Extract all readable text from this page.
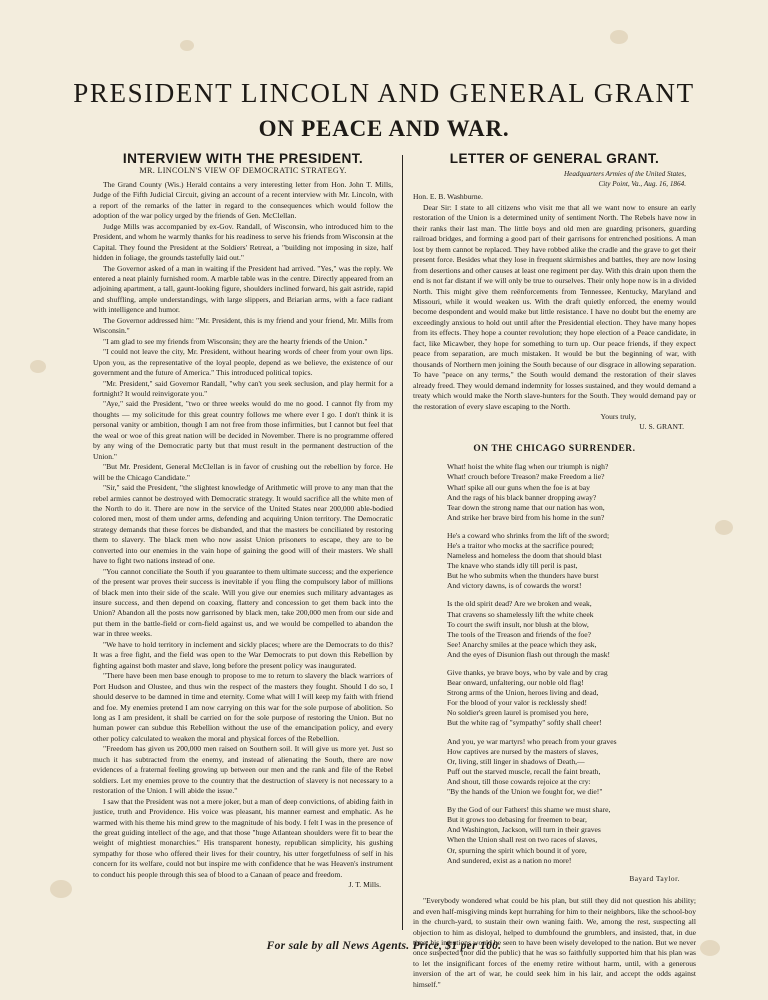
PRESIDENT LINCOLN AND GENERAL GRANT
ON PEACE AND WAR.
INTERVIEW WITH THE PRESIDENT.
MR. LINCOLN'S VIEW OF DEMOCRATIC STRATEGY.

The Grand County (Wis.) Herald contains a very interesting letter from Hon. John T. Mills, Judge of the Fifth Judicial Circuit, giving an account of a recent interview with Mr. Lincoln, with a report of the remarks of the latter in regard to the consequences which would follow the adoption of the war policy urged by the friends of Gen. McClellan.

Judge Mills was accompanied by ex-Gov. Randall, of Wisconsin, who introduced him to the President, and whom he warmly thanks for his readiness to serve his friends from Wisconsin at the Capital. They found the President at the Soldiers' Retreat, a "building not imposing in size, half hidden in foliage, the grounds tastefully laid out."

The Governor asked of a man in waiting if the President had arrived. "Yes," was the reply. We entered a neat plainly furnished room. A marble table was in the centre. Directly appeared from an adjoining apartment, a tall, gaunt-looking figure, shoulders inclined forward, his gait astride, rapid and shuffling, ample understandings, with large slippers, and Briarian arms, with a face radiant with intelligence and humor.

The Governor addressed him: "Mr. President, this is my friend and your friend, Mr. Mills from Wisconsin."

"I am glad to see my friends from Wisconsin; they are the hearty friends of the Union."

"I could not leave the city, Mr. President, without hearing words of cheer from your own lips. Upon you, as the representative of the loyal people, depend as we believe, the existence of our government and the future of America." This introduced political topics.

"Mr. President," said Governor Randall, "why can't you seek seclusion, and play hermit for a fortnight? It would reinvigorate you."

"Aye," said the President, "two or three weeks would do me no good. I cannot fly from my thoughts — my solicitude for this great country follows me where ever I go. I don't think it is personal vanity or ambition, though I am not free from those infirmities, but I cannot but feel that the weal or woe of this great nation will be decided in November. There is no programme offered by any wing of the Democratic party but that must result in the permanent destruction of the Union."

"But Mr. President, General McClellan is in favor of crushing out the rebellion by force. He will be the Chicago Candidate."

"Sir," said the President, "the slightest knowledge of Arithmetic will prove to any man that the rebel armies cannot be destroyed with Democratic strategy. It would sacrifice all the white men of the North to do it. There are now in the service of the United States near 200,000 able-bodied colored men, most of them under arms, defending and acquiring Union territory. The Democratic strategy demands that these forces be disbanded, and that the masters be conciliated by restoring them to slavery. The black men who now assist Union prisoners to escape, they are to be converted into our enemies in the vain hope of gaining the good will of their masters. We shall have to fight two nations instead of one.

"You cannot conciliate the South if you guarantee to them ultimate success; and the experience of the present war proves their success is inevitable if you fling the compulsory labor of millions of black men into their side of the scale. Will you give our enemies such military advantages as insure success, and then depend on coaxing, flattery and concession to get them back into the Union? Abandon all the posts now garrisoned by black men, take 200,000 men from our side and put them in the battle-field or corn-field against us, and we would be compelled to abandon the war in three weeks.

"We have to hold territory in inclement and sickly places; where are the Democrats to do this? It was a free fight, and the field was open to the War Democrats to put down this Rebellion by fighting against both master and slave, long before the present policy was inaugurated.

"There have been men base enough to propose to me to return to slavery the black warriors of Port Hudson and Olustee, and thus win the respect of the masters they fought. Should I do so, I should deserve to be damned in time and eternity. Come what will I will keep my faith with friend and foe. My enemies pretend I am now carrying on this war for the sole purpose of abolition. So long as I am president, it shall be carried on for the sole purpose of restoring the Union. But no human power can subdue this Rebellion without the use of the emancipation policy, and every other policy calculated to weaken the moral and physical forces of the Rebellion.

"Freedom has given us 200,000 men raised on Southern soil. It will give us more yet. Just so much it has subtracted from the enemy, and instead of alienating the South, there are now evidences of a fraternal feeling growing up between our men and the rank and file of the Rebel soldiers. Let my enemies prove to the country that the destruction of slavery is not necessary to a restoration of the Union. I will abide the issue."

I saw that the President was not a mere joker, but a man of deep convictions, of abiding faith in justice, truth and Providence. His voice was pleasant, his manner earnest and emphatic. As he warmed with his theme his mind grew to the magnitude of his body. I felt I was in the presence of the great guiding intellect of the age, and that those "huge Atlantean shoulders were fit to bear the weight of mightiest monarchies." His transparent honesty, republican simplicity, his gushing sympathy for those who offered their lives for their country, his utter forgetfulness of self in his concern for its welfare, could not but inspire me with confidence that he was Heaven's instrument to conduct his people through this sea of blood to a Canaan of peace and freedom.

J. T. Mills.

LETTER OF GENERAL GRANT.
Headquarters Armies of the United States,
City Point, Va., Aug. 16, 1864.

Hon. E. B. Washburne.

Dear Sir: I state to all citizens who visit me that all we want now to ensure an early restoration of the Union is a determined unity of sentiment North. The Rebels have now in their ranks their last man. The little boys and old men are guarding prisoners, guarding railroad bridges, and forming a good part of their garrisons for entrenched positions. A man lost by them cannot be replaced. They have robbed alike the cradle and the grave to get their present force. Besides what they lose in frequent skirmishes and battles, they are now losing from desertions and other causes at least one regiment per day. With this drain upon them the end is not far distant if we will only be true to ourselves. Their only hope now is in a divided North. This might give them reënforcements from Tennessee, Kentucky, Maryland and Missouri, while it would weaken us. With the draft quietly enforced, the enemy would become despondent and would make but little resistance. I have no doubt but the enemy are exceedingly anxious to hold out until after the Presidential election. They have many hopes from its effects. They hope a counter revolution; they hope election of a Peace candidate, in fact, like Micawber, they hope for something to turn up. Our peace friends, if they expect peace from separation, are much mistaken. It would be but the beginning of war, with thousands of Northern men joining the South because of our disgrace in allowing separation. To have "peace on any terms," the South would demand the restoration of their slaves already freed. They would demand indemnity for losses sustained, and they would demand a treaty which would make the North slave-hunters for the South. They would demand pay or the restoration of every slave escaping to the North.

Yours truly,

U. S. GRANT.

ON THE CHICAGO SURRENDER.
What! hoist the white flag when our triumph is nigh?
What! crouch before Treason? make Freedom a lie?
What! spike all our guns when the foe is at bay
And the rags of his black banner dropping away?
Tear down the strong name that our nation has won,
And strike her brave bird from his home in the sun?
He's a coward who shrinks from the lift of the sword;
He's a traitor who mocks at the sacrifice poured;
Nameless and homeless the doom that should blast
The knave who stands idly till peril is past,
But he who submits when the thunders have burst
And victory dawns, is of cowards the worst!
Is the old spirit dead? Are we broken and weak,
That cravens so shamelessly lift the white cheek
To court the swift insult, nor blush at the blow,
The tools of the Treason and friends of the foe?
See! Anarchy smiles at the peace which they ask,
And the eyes of Disunion flash out through the mask!
Give thanks, ye brave boys, who by vale and by crag
Bear onward, unfaltering, our noble old flag!
Strong arms of the Union, heroes living and dead,
For the blood of your valor is recklessly shed!
No soldier's green laurel is promised you here,
But the white rag of "sympathy" softly shall cheer!
And you, ye war martyrs! who preach from your graves
How captives are nursed by the masters of slaves,
Or, living, still linger in shadows of Death,—
Puff out the starved muscle, recall the faint breath,
And shout, till those cowards rejoice at the cry:
"By the hands of the Union we fought for, we die!"
By the God of our Fathers! this shame we must share,
But it grows too debasing for freemen to bear,
And Washington, Jackson, will turn in their graves
When the Union shall rest on two races of slaves,
Or, spurning the spirit which bound it of yore,
And sundered, exist as a nation no more!
Bayard Taylor.

"Everybody wondered what could be his plan, but still they did not question his ability; and even half-misgiving minds kept hurrahing for him to their neighbors, like the school-boy in the church-yard, to sustain their own waning faith. We, among the rest, suspecting all objection to him as disloyal, helped to dumbfound the grumblers, and insisted, that, in due time, his intentions would be seen to have been wisely developed to the nation. But we never once suspected (nor did the public) that he was so faithfully supported him that his plan was to let the insignificant forces of the enemy retire without harm, until, with a generous inversion of the art of war, he could seek him in his lair, and accept the odds against himself."

For sale by all News Agents. Price, $1 per 100.
